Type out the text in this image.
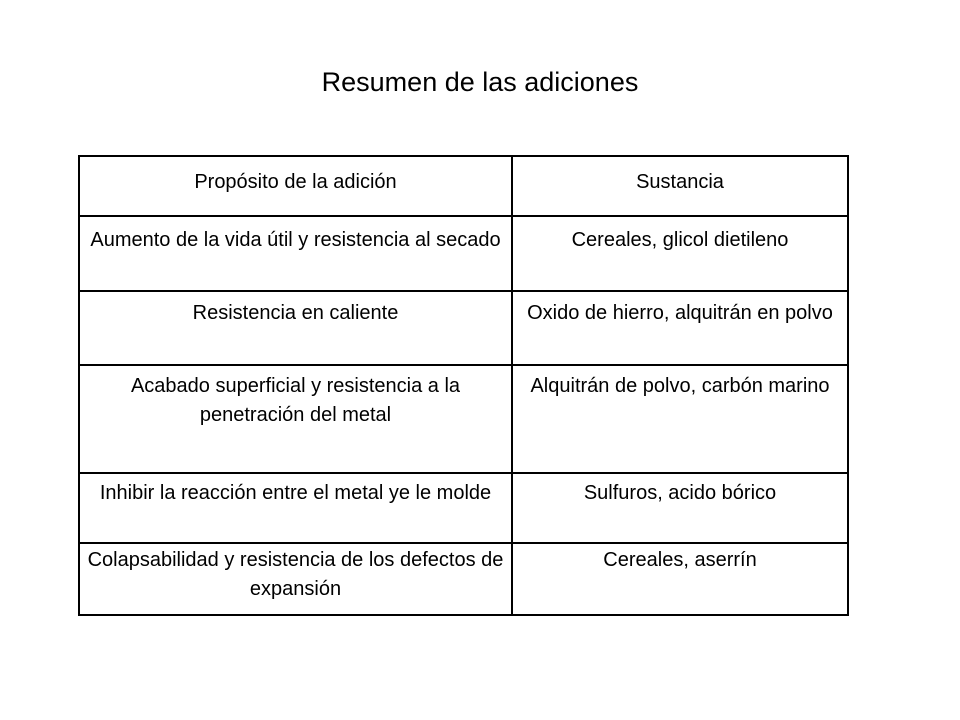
Resumen de las adiciones
Propósito de la adición	Sustancia
Aumento de la vida útil y resistencia al secado	Cereales, glicol dietileno
Resistencia en caliente	Oxido de hierro, alquitrán en polvo
Acabado superficial y resistencia a la penetración del metal	Alquitrán de polvo, carbón marino
Inhibir la reacción entre el metal ye le molde	Sulfuros, acido bórico
Colapsabilidad y resistencia de los defectos de expansión	Cereales, aserrín
